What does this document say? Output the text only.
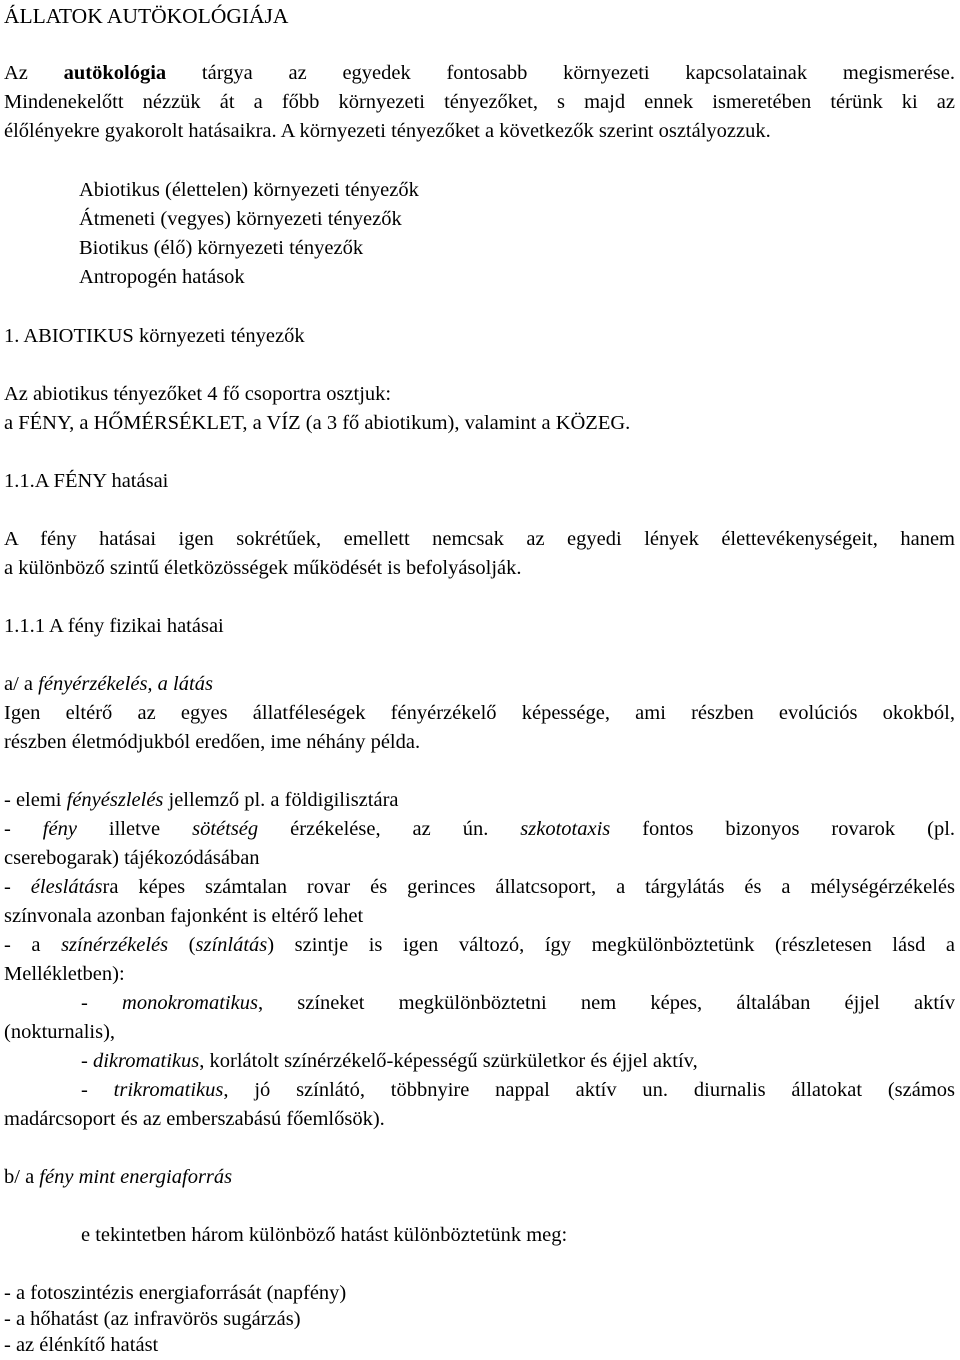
ÁLLATOK AUTÖKOLÓGIÁJA
Az autökológia tárgya az egyedek fontosabb környezeti kapcsolatainak megismerése.
Mindenekelőtt nézzük át a főbb környezeti tényezőket, s majd ennek ismeretében térünk ki az
élőlényekre gyakorolt hatásaikra. A környezeti tényezőket a következők szerint osztályozzuk.
Abiotikus (élettelen) környezeti tényezők
Átmeneti (vegyes) környezeti tényezők
Biotikus (élő) környezeti tényezők
Antropogén hatások
1. ABIOTIKUS környezeti tényezők
Az abiotikus tényezőket 4 fő csoportra osztjuk:
a FÉNY, a HŐMÉRSÉKLET, a VÍZ (a 3 fő abiotikum), valamint a KÖZEG.
1.1.A FÉNY hatásai
A fény hatásai igen sokrétűek, emellett nemcsak az egyedi lények élettevékenységeit, hanem
a különböző szintű életközösségek működését is befolyásolják.
1.1.1 A fény fizikai hatásai
a/ a fényérzékelés, a látás
Igen eltérő az egyes állatféleségek fényérzékelő képessége, ami részben evolúciós okokból,
részben életmódjukból eredően, ime néhány példa.
- elemi fényészlelés jellemző pl. a földigilisztára
- fény illetve sötétség érzékelése, az ún. szkototaxis fontos bizonyos rovarok (pl.
cserebogarak) tájékozódásában
- éleslátásra képes számtalan rovar és gerinces állatcsoport, a tárgylátás és a mélységérzékelés
színvonala azonban fajonként is eltérő lehet
- a színérzékelés (színlátás) szintje is igen változó, így megkülönböztetünk (részletesen lásd a
Mellékletben):
- monokromatikus, színeket megkülönböztetni nem képes, általában éjjel aktív
(nokturnalis),
- dikromatikus, korlátolt színérzékelő-képességű szürkületkor és éjjel aktív,
- trikromatikus, jó színlátó, többnyire nappal aktív un. diurnalis állatokat (számos
madárcsoport és az emberszabású főemlősök).
b/ a fény mint energiaforrás
e tekintetben három különböző hatást különböztetünk meg:
- a fotoszintézis energiaforrását (napfény)
- a hőhatást (az infravörös sugárzás)
- az élénkítő hatást
